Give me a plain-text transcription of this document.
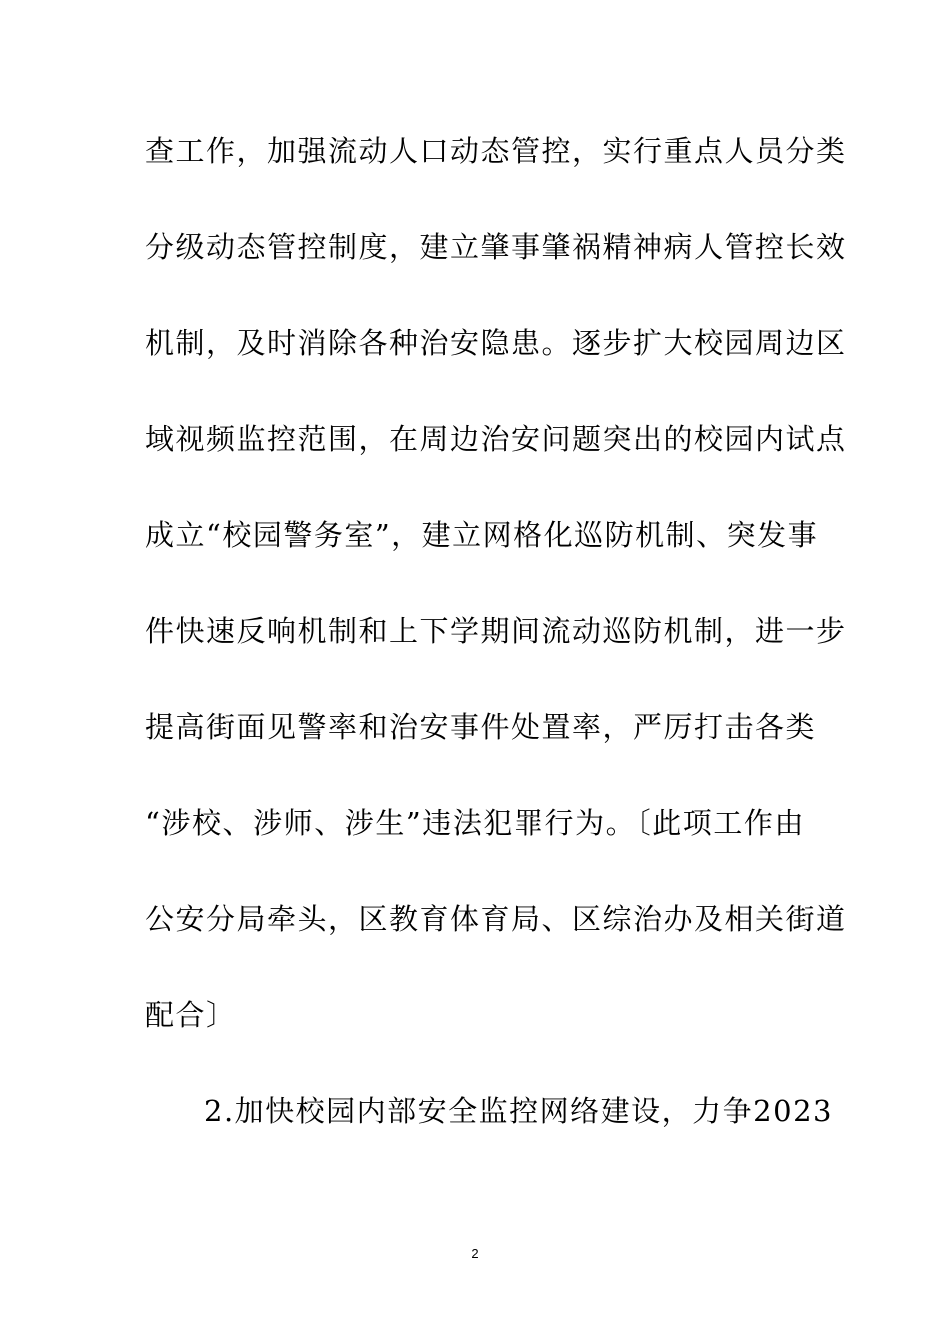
查工作，加强流动人口动态管控，实行重点人员分类
分级动态管控制度，建立肇事肇祸精神病人管控长效
机制，及时消除各种治安隐患。逐步扩大校园周边区
域视频监控范围，在周边治安问题突出的校园内试点
成立“校园警务室”，建立网格化巡防机制、突发事
件快速反响机制和上下学期间流动巡防机制，进一步
提高街面见警率和治安事件处置率，严厉打击各类
“涉校、涉师、涉生”违法犯罪行为。〔此项工作由
公安分局牵头，区教育体育局、区综治办及相关街道
配合〕
2.加快校园内部安全监控网络建设，力争2023
2
